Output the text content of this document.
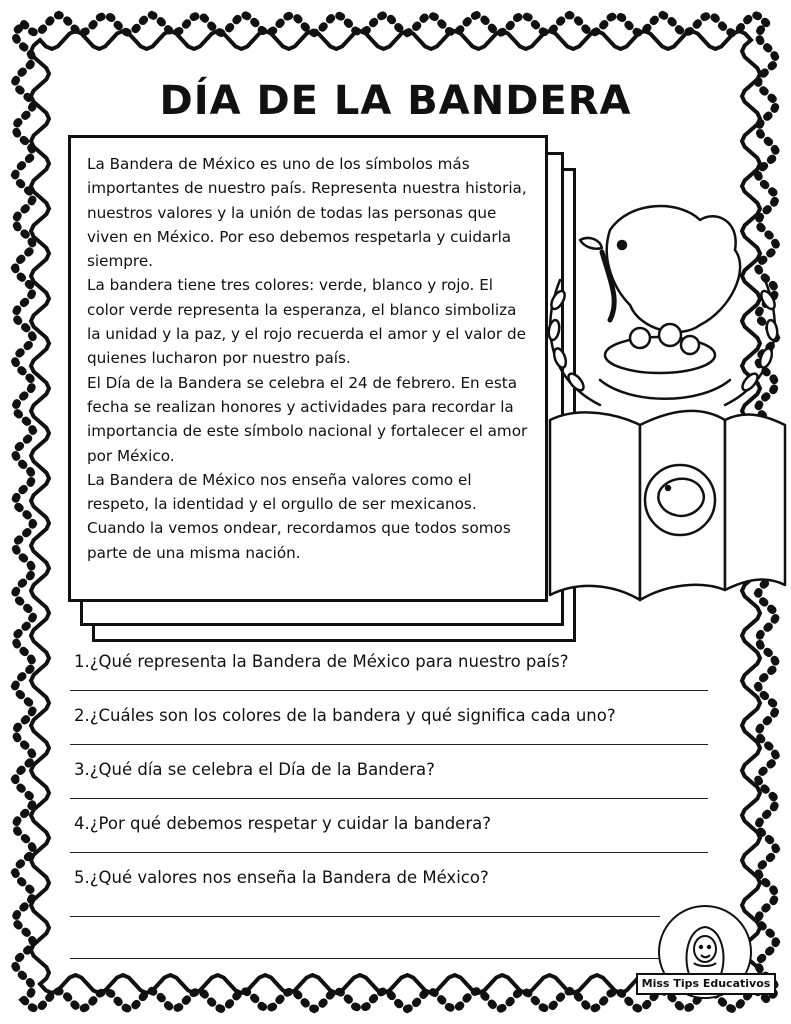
DÍA DE LA BANDERA

La Bandera de México es uno de los símbolos más importantes de nuestro país. Representa nuestra historia, nuestros valores y la unión de todas las personas que viven en México. Por eso debemos respetarla y cuidarla siempre.

La bandera tiene tres colores: verde, blanco y rojo. El color verde representa la esperanza, el blanco simboliza la unidad y la paz, y el rojo recuerda el amor y el valor de quienes lucharon por nuestro país.

El Día de la Bandera se celebra el 24 de febrero. En esta fecha se realizan honores y actividades para recordar la importancia de este símbolo nacional y fortalecer el amor por México.

La Bandera de México nos enseña valores como el respeto, la identidad y el orgullo de ser mexicanos. Cuando la vemos ondear, recordamos que todos somos parte de una misma nación.

1.¿Qué representa la Bandera de México para nuestro país?
2.¿Cuáles son los colores de la bandera y qué significa cada uno?
3.¿Qué día se celebra el Día de la Bandera?
4.¿Por qué debemos respetar y cuidar la bandera?
5.¿Qué valores nos enseña la Bandera de México?
Miss Tips Educativos
